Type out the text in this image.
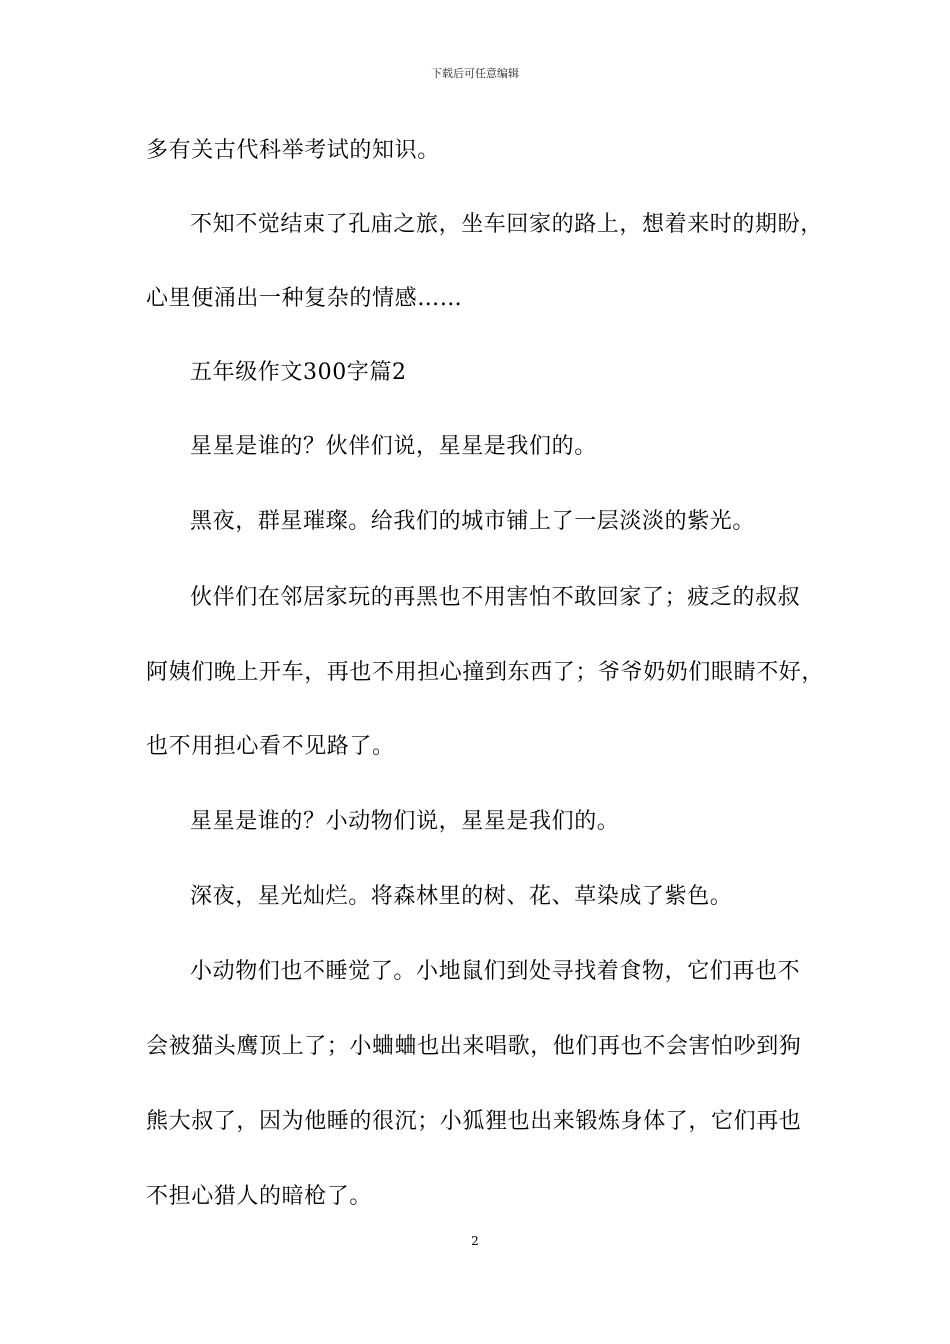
下载后可任意编辑
多有关古代科举考试的知识。
不知不觉结束了孔庙之旅，坐车回家的路上，想着来时的期盼，
心里便涌出一种复杂的情感……
五年级作文300字篇2
星星是谁的？伙伴们说，星星是我们的。
黑夜，群星璀璨。给我们的城市铺上了一层淡淡的紫光。
伙伴们在邻居家玩的再黑也不用害怕不敢回家了；疲乏的叔叔
阿姨们晚上开车，再也不用担心撞到东西了；爷爷奶奶们眼睛不好，
也不用担心看不见路了。
星星是谁的？小动物们说，星星是我们的。
深夜，星光灿烂。将森林里的树、花、草染成了紫色。
小动物们也不睡觉了。小地鼠们到处寻找着食物，它们再也不
会被猫头鹰顶上了；小蛐蛐也出来唱歌，他们再也不会害怕吵到狗
熊大叔了，因为他睡的很沉；小狐狸也出来锻炼身体了，它们再也
不担心猎人的暗枪了。
2
